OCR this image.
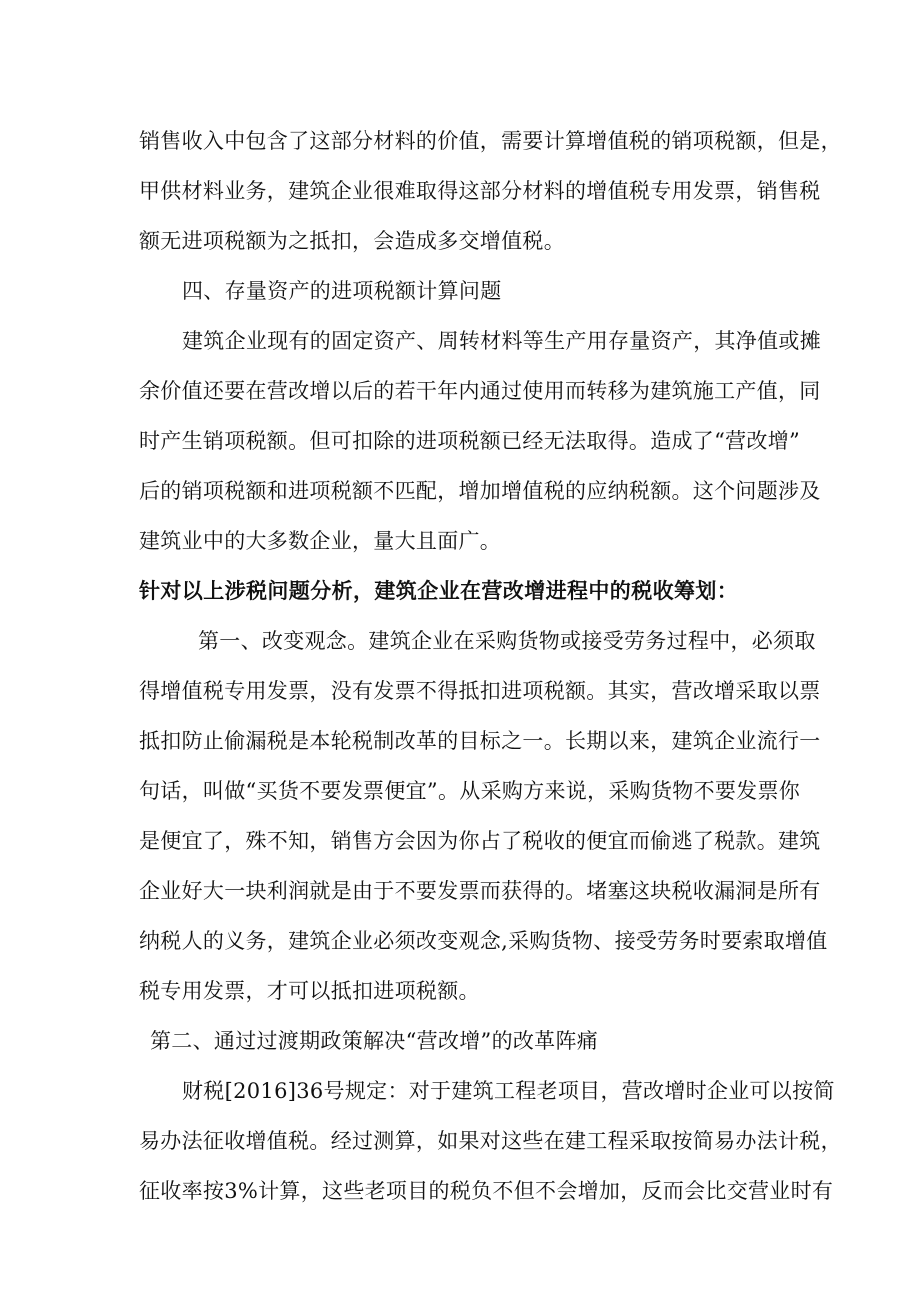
销售收入中包含了这部分材料的价值，需要计算增值税的销项税额，但是，
甲供材料业务，建筑企业很难取得这部分材料的增值税专用发票，销售税
额无进项税额为之抵扣，会造成多交增值税。
四、存量资产的进项税额计算问题
建筑企业现有的固定资产、周转材料等生产用存量资产，其净值或摊
余价值还要在营改增以后的若干年内通过使用而转移为建筑施工产值，同
时产生销项税额。但可扣除的进项税额已经无法取得。造成了“营改增”
后的销项税额和进项税额不匹配，增加增值税的应纳税额。这个问题涉及
建筑业中的大多数企业，量大且面广。
针对以上涉税问题分析，建筑企业在营改增进程中的税收筹划：
第一、改变观念。建筑企业在采购货物或接受劳务过程中，必须取
得增值税专用发票，没有发票不得抵扣进项税额。其实，营改增采取以票
抵扣防止偷漏税是本轮税制改革的目标之一。长期以来，建筑企业流行一
句话，叫做“买货不要发票便宜”。从采购方来说，采购货物不要发票你
是便宜了，殊不知，销售方会因为你占了税收的便宜而偷逃了税款。建筑
企业好大一块利润就是由于不要发票而获得的。堵塞这块税收漏洞是所有
纳税人的义务，建筑企业必须改变观念,采购货物、接受劳务时要索取增值
税专用发票，才可以抵扣进项税额。
第二、通过过渡期政策解决“营改增”的改革阵痛
财税[2016]36号规定：对于建筑工程老项目，营改增时企业可以按简
易办法征收增值税。经过测算，如果对这些在建工程采取按简易办法计税，
征收率按3%计算，这些老项目的税负不但不会增加，反而会比交营业时有
